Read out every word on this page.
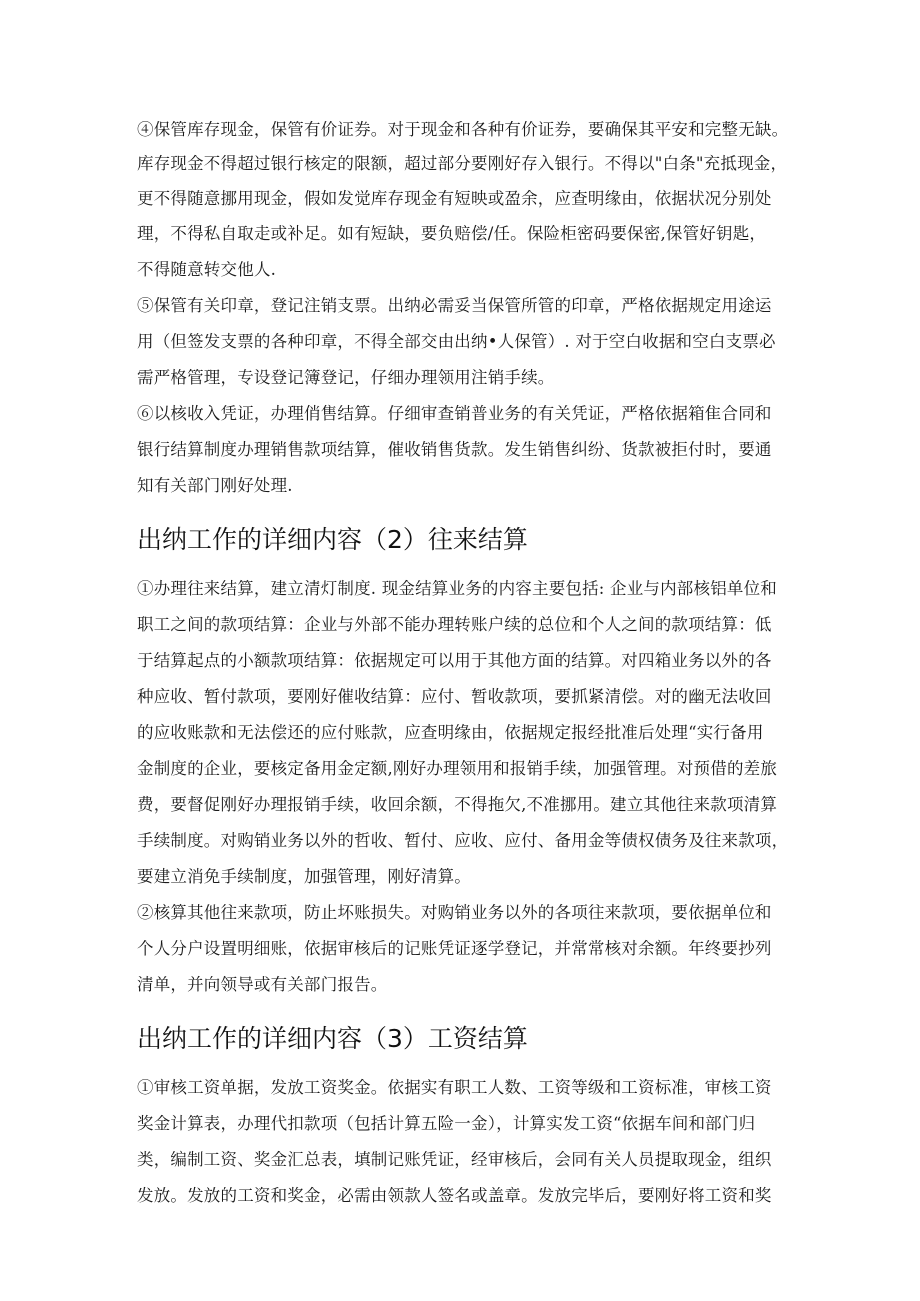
④保管库存现金，保管有价证券。对于现金和各种有价证券，要确保其平安和完整无缺。
库存现金不得超过银行核定的限额，超过部分要刚好存入银行。不得以"白条"充抵现金，
更不得随意挪用现金，假如发觉库存现金有短映或盈余，应查明缘由，依据状况分别处
理，不得私自取走或补足。如有短缺，要负赔偿/任。保险柜密码要保密,保管好钥匙，
不得随意转交他人.
⑤保管有关印章，登记注销支票。出纳必需妥当保管所管的印章，严格依据规定用途运
用（但签发支票的各种印章，不得全部交由出纳•人保管）. 对于空白收据和空白支票必
需严格管理，专设登记簿登记，仔细办理领用注销手续。
⑥以核收入凭证，办理俏售结算。仔细审查销普业务的有关凭证，严格依据箱隹合同和
银行结算制度办理销售款项结算，催收销售货款。发生销售纠纷、货款被拒付时，要通
知有关部门刚好处理.
出纳工作的详细内容（2）往来结算
①办理往来结算，建立清灯制度. 现金结算业务的内容主要包括: 企业与内部核铝单位和
职工之间的款项结算：企业与外部不能办理转账户续的总位和个人之间的款项结算：低
于结算起点的小额款项结算：依据规定可以用于其他方面的结算。对四箱业务以外的各
种应收、暂付款项，要刚好催收结算：应付、暂收款项，要抓紧清偿。对的幽无法收回
的应收账款和无法偿还的应付账款，应查明缘由，依据规定报经批准后处理“实行备用
金制度的企业，要核定备用金定额,刚好办理领用和报销手续，加强管理。对预借的差旅
费，要督促刚好办理报销手续，收回余额，不得拖欠,不准挪用。建立其他往来款项清算
手续制度。对购销业务以外的哲收、暂付、应收、应付、备用金等债权债务及往来款项，
要建立消免手续制度，加强管理，刚好清算。
②核算其他往来款项，防止坏账损失。对购销业务以外的各项往来款项，要依据单位和
个人分户设置明细账，依据审核后的记账凭证逐学登记，并常常核对余额。年终要抄列
清单，并向领导或有关部门报告。
出纳工作的详细内容（3）工资结算
①审核工资单据，发放工资奖金。依据实有职工人数、工资等级和工资标准，审核工资
奖金计算表，办理代扣款项（包括计算五险一金），计算实发工资“依据车间和部门归
类，编制工资、奖金汇总表，填制记账凭证，经审核后，会同有关人员提取现金，组织
发放。发放的工资和奖金，必需由领款人签名或盖章。发放完毕后，要刚好将工资和奖
